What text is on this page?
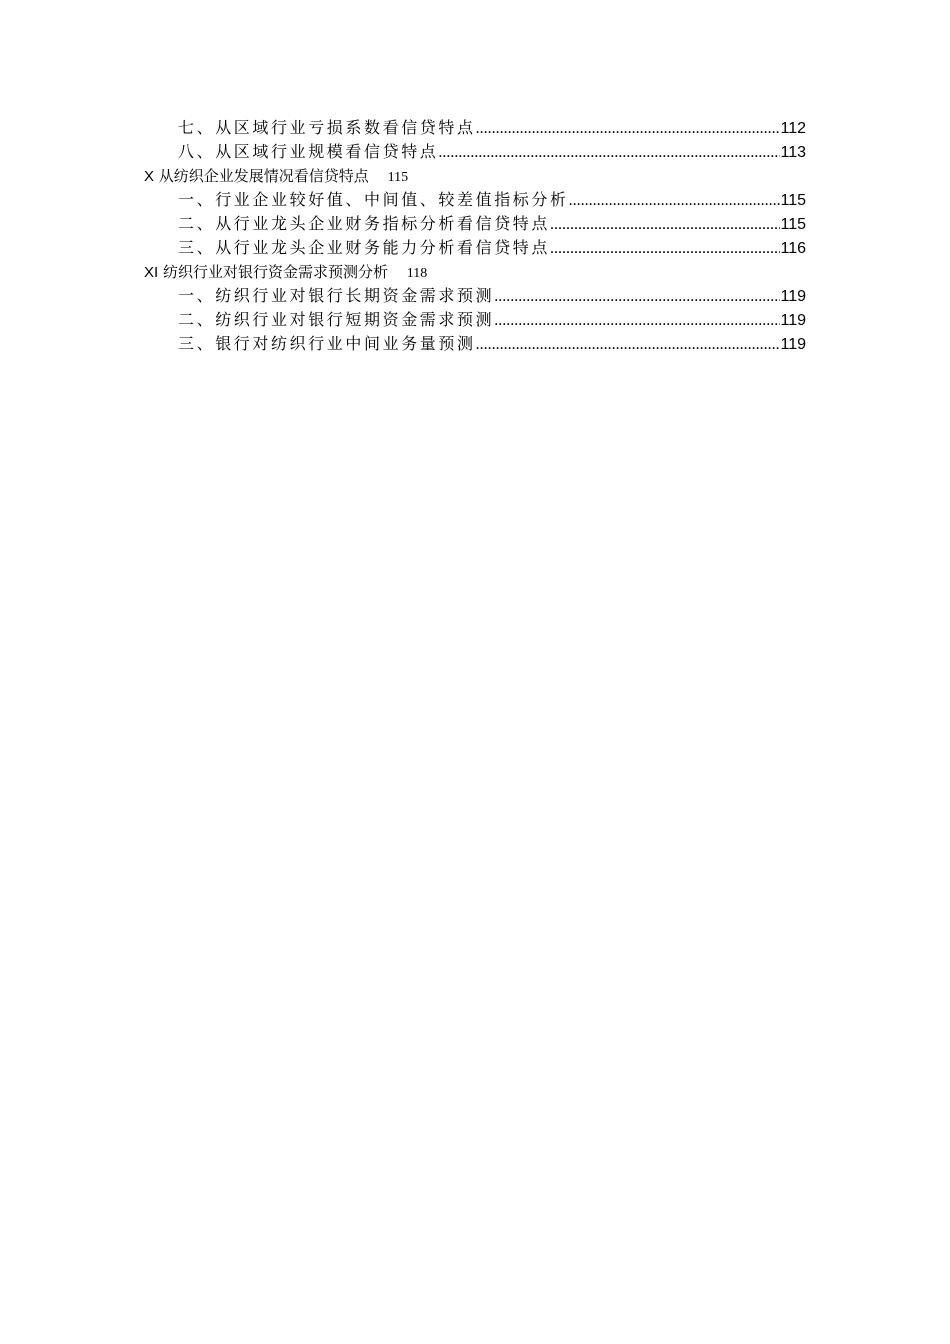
七、从区域行业亏损系数看信贷特点 .....	112
八、从区域行业规模看信贷特点 .....	113
X 从纺织企业发展情况看信贷特点 115
一、行业企业较好值、中间值、较差值指标分析 .....	115
二、从行业龙头企业财务指标分析看信贷特点 .....	115
三、从行业龙头企业财务能力分析看信贷特点 .....	116
XI 纺织行业对银行资金需求预测分析 118
一、纺织行业对银行长期资金需求预测 .....	119
二、纺织行业对银行短期资金需求预测 .....	119
三、银行对纺织行业中间业务量预测 .....	119
